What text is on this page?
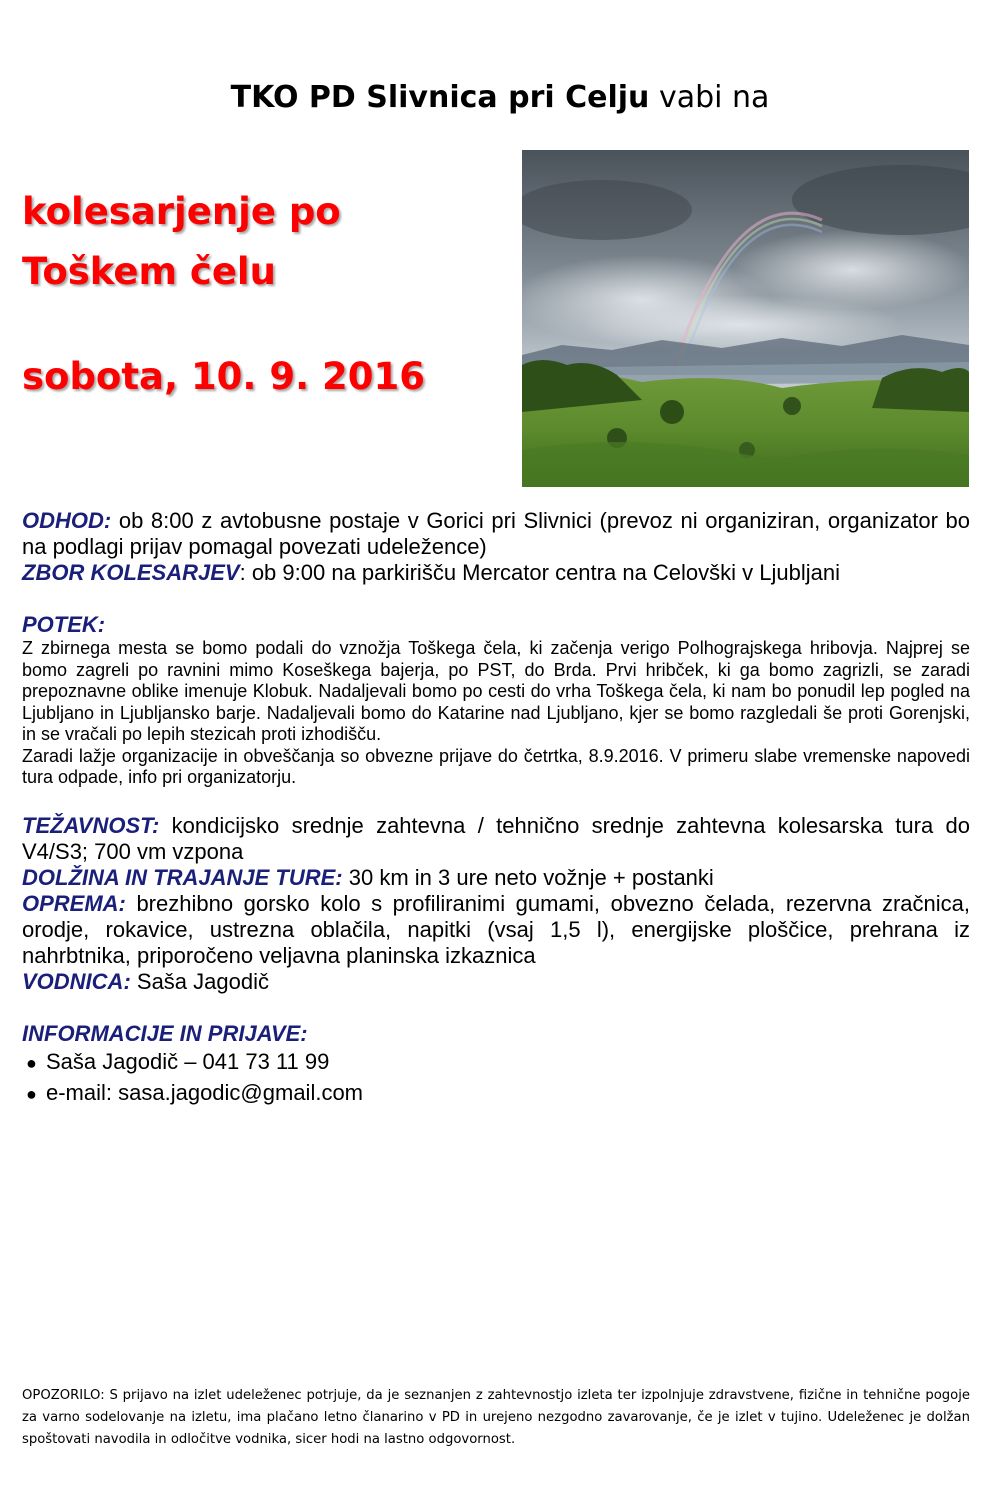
TKO PD Slivnica pri Celju vabi na
kolesarjenje po
Toškem čelu
sobota, 10. 9. 2016

ODHOD: ob 8:00 z avtobusne postaje v Gorici pri Slivnici (prevoz ni organiziran, organizator bo na podlagi prijav pomagal povezati udeležence)

ZBOR KOLESARJEV: ob 9:00 na parkirišču Mercator centra na Celovški v Ljubljani

POTEK:

Z zbirnega mesta se bomo podali do vznožja Toškega čela, ki začenja verigo Polhograjskega hribovja. Najprej se bomo zagreli po ravnini mimo Koseškega bajerja, po PST, do Brda. Prvi hribček, ki ga bomo zagrizli, se zaradi prepoznavne oblike imenuje Klobuk. Nadaljevali bomo po cesti do vrha Toškega čela, ki nam bo ponudil lep pogled na Ljubljano in Ljubljansko barje. Nadaljevali bomo do Katarine nad Ljubljano, kjer se bomo razgledali še proti Gorenjski, in se vračali po lepih stezicah proti izhodišču.

Zaradi lažje organizacije in obveščanja so obvezne prijave do četrtka, 8.9.2016. V primeru slabe vremenske napovedi tura odpade, info pri organizatorju.

TEŽAVNOST: kondicijsko srednje zahtevna / tehnično srednje zahtevna kolesarska tura do V4/S3; 700 vm vzpona

DOLŽINA IN TRAJANJE TURE: 30 km in 3 ure neto vožnje + postanki

OPREMA: brezhibno gorsko kolo s profiliranimi gumami, obvezno čelada, rezervna zračnica, orodje, rokavice, ustrezna oblačila, napitki (vsaj 1,5 l), energijske ploščice, prehrana iz nahrbtnika, priporočeno veljavna planinska izkaznica

VODNICA: Saša Jagodič

INFORMACIJE IN PRIJAVE:

● Saša Jagodič – 041 73 11 99
● e-mail: sasa.jagodic@gmail.com

OPOZORILO: S prijavo na izlet udeleženec potrjuje, da je seznanjen z zahtevnostjo izleta ter izpolnjuje zdravstvene, fizične in tehnične pogoje za varno sodelovanje na izletu, ima plačano letno članarino v PD in urejeno nezgodno zavarovanje, če je izlet v tujino. Udeleženec je dolžan spoštovati navodila in odločitve vodnika, sicer hodi na lastno odgovornost.
